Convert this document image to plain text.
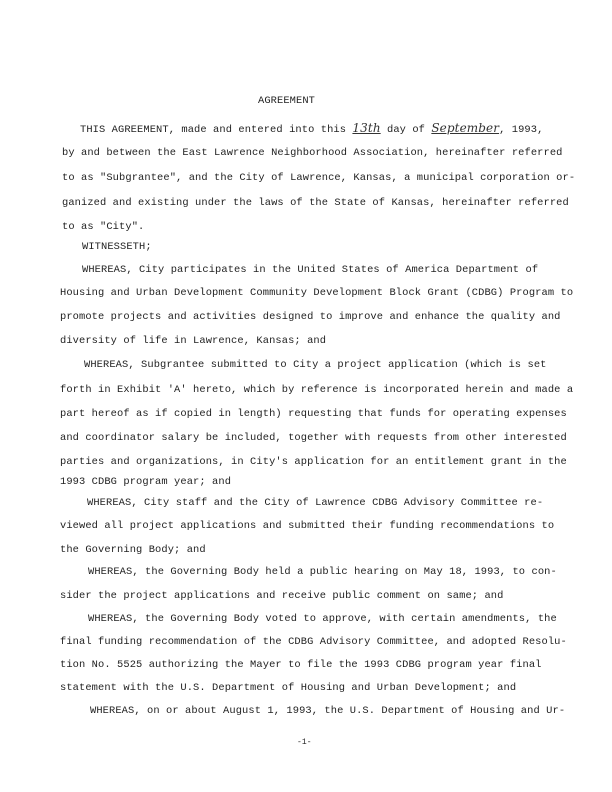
AGREEMENT
THIS AGREEMENT, made and entered into this 13th day of September, 1993,
by and between the East Lawrence Neighborhood Association, hereinafter referred
to as "Subgrantee", and the City of Lawrence, Kansas, a municipal corporation or-
ganized and existing under the laws of the State of Kansas, hereinafter referred
to as "City".
WITNESSETH;
WHEREAS, City participates in the United States of America Department of
Housing and Urban Development Community Development Block Grant (CDBG) Program to
promote projects and activities designed to improve and enhance the quality and
diversity of life in Lawrence, Kansas; and
WHEREAS, Subgrantee submitted to City a project application (which is set
forth in Exhibit 'A' hereto, which by reference is incorporated herein and made a
part hereof as if copied in length) requesting that funds for operating expenses
and coordinator salary be included, together with requests from other interested
parties and organizations, in City's application for an entitlement grant in the
1993 CDBG program year; and
WHEREAS, City staff and the City of Lawrence CDBG Advisory Committee re-
viewed all project applications and submitted their funding recommendations to
the Governing Body; and
WHEREAS, the Governing Body held a public hearing on May 18, 1993, to con-
sider the project applications and receive public comment on same; and
WHEREAS, the Governing Body voted to approve, with certain amendments, the
final funding recommendation of the CDBG Advisory Committee, and adopted Resolu-
tion No. 5525 authorizing the Mayer to file the 1993 CDBG program year final
statement with the U.S. Department of Housing and Urban Development; and
WHEREAS, on or about August 1, 1993, the U.S. Department of Housing and Ur-
-1-
